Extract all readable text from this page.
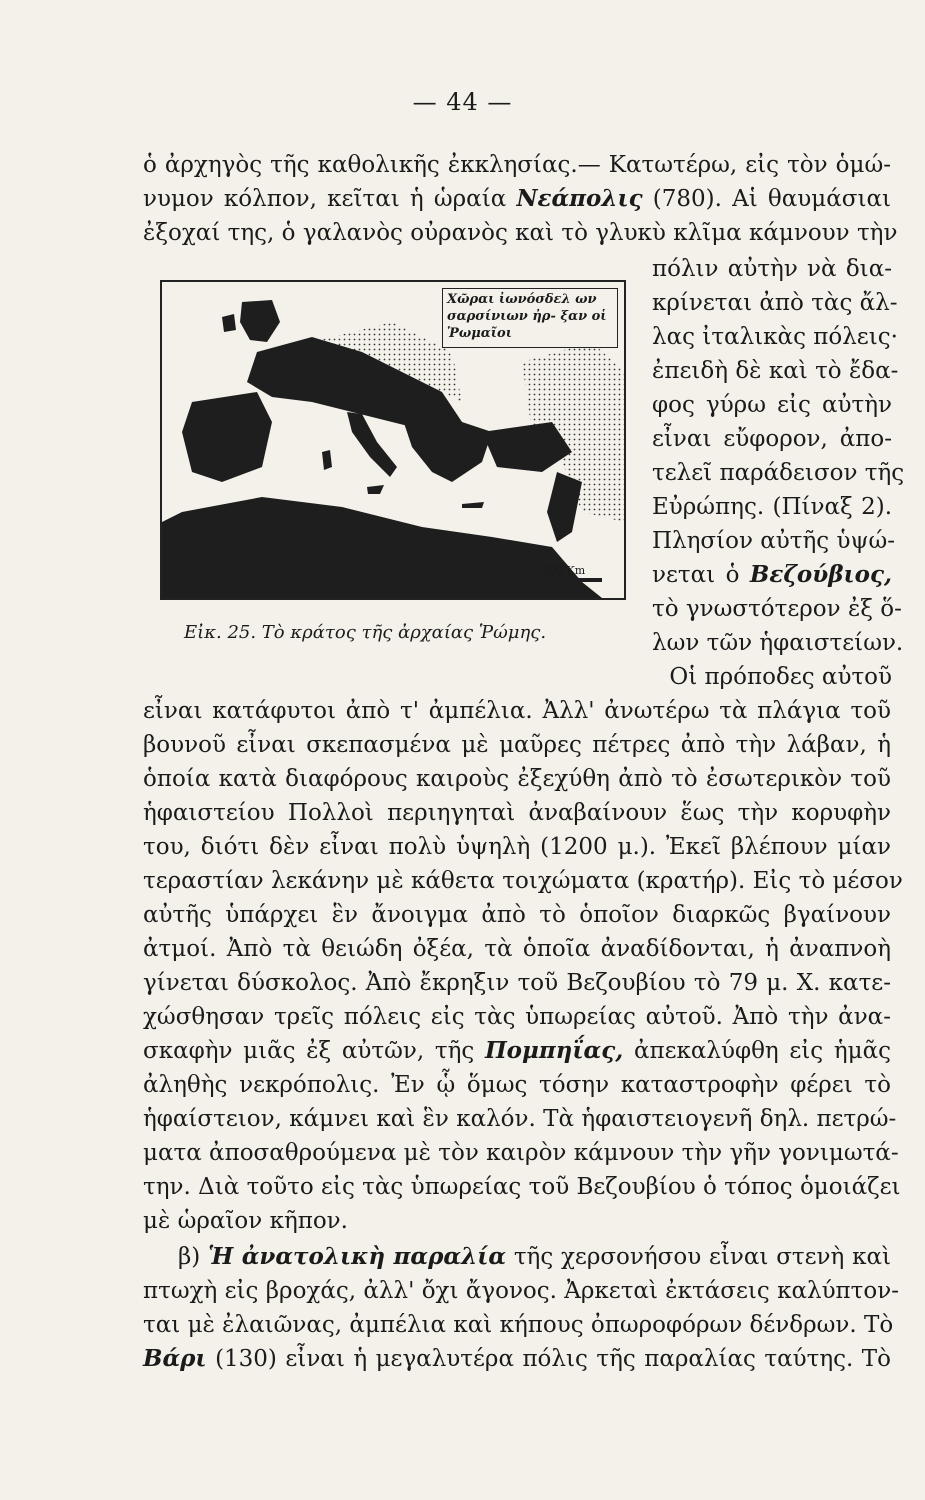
— 44 —
ὁ ἀρχηγὸς τῆς καθολικῆς ἐκκλησίας.— Κατωτέρω, εἰς τὸν ὁμώ-
νυμον κόλπον, κεῖται ἡ ὡραία Νεάπολις (780). Αἱ θαυμάσιαι
ἐξοχαί της, ὁ γαλανὸς οὐρανὸς καὶ τὸ γλυκὺ κλῖμα κάμνουν τὴν
πόλιν αὐτὴν νὰ δια-
κρίνεται ἀπὸ τὰς ἄλ-
λας ἰταλικὰς πόλεις·
ἐπειδὴ δὲ καὶ τὸ ἔδα-
φος γύρω εἰς αὐτὴν
εἶναι εὔφορον, ἀπο-
τελεῖ παράδεισον τῆς
Εὐρώπης. (Πίναξ 2).
Πλησίον αὐτῆς ὑψώ-
νεται ὁ Βεζούβιος,
τὸ γνωστότερον ἐξ ὅ-
λων τῶν ἡφαιστείων.
Οἱ πρόποδες αὐτοῦ
εἶναι κατάφυτοι ἀπὸ τ' ἀμπέλια. Ἀλλ' ἀνωτέρω τὰ πλάγια τοῦ
βουνοῦ εἶναι σκεπασμένα μὲ μαῦρες πέτρες ἀπὸ τὴν λάβαν, ἡ
ὁποία κατὰ διαφόρους καιροὺς ἐξεχύθη ἀπὸ τὸ ἐσωτερικὸν τοῦ
ἡφαιστείου Πολλοὶ περιηγηταὶ ἀναβαίνουν ἕως τὴν κορυφὴν
του, διότι δὲν εἶναι πολὺ ὑψηλὴ (1200 μ.). Ἐκεῖ βλέπουν μίαν
τεραστίαν λεκάνην μὲ κάθετα τοιχώματα (κρατήρ). Εἰς τὸ μέσον
αὐτῆς ὑπάρχει ἓν ἄνοιγμα ἀπὸ τὸ ὁποῖον διαρκῶς βγαίνουν
ἀτμοί. Ἀπὸ τὰ θειώδη ὀξέα, τὰ ὁποῖα ἀναδίδονται, ἡ ἀναπνοὴ
γίνεται δύσκολος. Ἀπὸ ἔκρηξιν τοῦ Βεζουβίου τὸ 79 μ. Χ. κατε-
χώσθησαν τρεῖς πόλεις εἰς τὰς ὑπωρείας αὐτοῦ. Ἀπὸ τὴν ἀνα-
σκαφὴν μιᾶς ἐξ αὐτῶν, τῆς Πομπηΐας, ἀπεκαλύφθη εἰς ἡμᾶς
ἀληθὴς νεκρόπολις. Ἐν ᾧ ὅμως τόσην καταστροφὴν φέρει τὸ
ἡφαίστειον, κάμνει καὶ ἓν καλόν. Τὰ ἡφαιστειογενῆ δηλ. πετρώ-
ματα ἀποσαθρούμενα μὲ τὸν καιρὸν κάμνουν τὴν γῆν γονιμωτά-
την. Διὰ τοῦτο εἰς τὰς ὑπωρείας τοῦ Βεζουβίου ὁ τόπος ὁμοιάζει
μὲ ὡραῖον κῆπον.
β) Ἡ ἀνατολικὴ παραλία τῆς χερσονήσου εἶναι στενὴ καὶ
πτωχὴ εἰς βροχάς, ἀλλ' ὄχι ἄγονος. Ἀρκεταὶ ἐκτάσεις καλύπτον-
ται μὲ ἐλαιῶνας, ἀμπέλια καὶ κήπους ὀπωροφόρων δένδρων. Τὸ
Βάρι (130) εἶναι ἡ μεγαλυτέρα πόλις τῆς παραλίας ταύτης. Τὸ
Χῶραι ἰωνόσδελ ων σαρσίνιων ἠρ- ξαν οἱ Ῥωμαῖοι
500 Km
Εἰκ. 25. Τὸ κράτος τῆς ἀρχαίας Ῥώμης.
